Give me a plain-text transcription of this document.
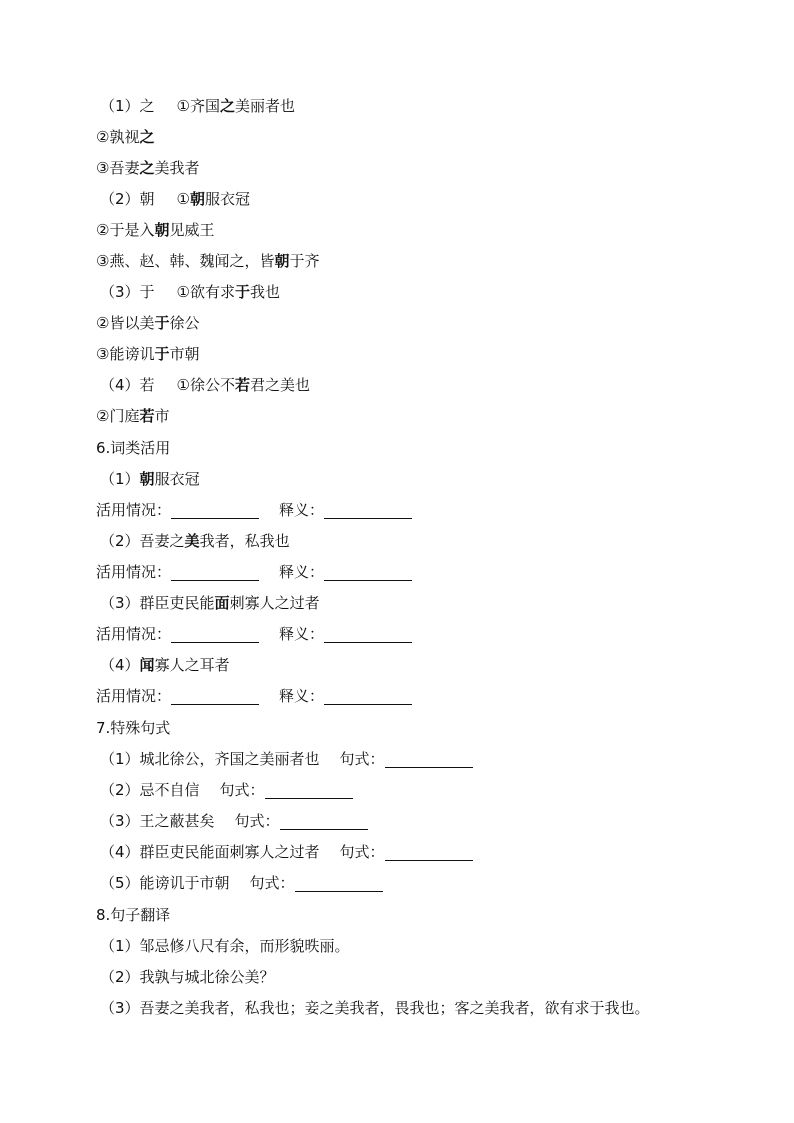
（1）之 ①齐国之美丽者也
②孰视之
③吾妻之美我者
（2）朝 ①朝服衣冠
②于是入朝见威王
③燕、赵、韩、魏闻之，皆朝于齐
（3）于 ①欲有求于我也
②皆以美于徐公
③能谤讥于市朝
（4）若 ①徐公不若君之美也
②门庭若市
6.词类活用
（1）朝服衣冠
活用情况：	释义：
（2）吾妻之美我者，私我也
活用情况：	释义：
（3）群臣吏民能面刺寡人之过者
活用情况：	释义：
（4）闻寡人之耳者
活用情况：	释义：
7.特殊句式
（1）城北徐公，齐国之美丽者也 句式：
（2）忌不自信 句式：
（3）王之蔽甚矣 句式：
（4）群臣吏民能面刺寡人之过者 句式：
（5）能谤讥于市朝 句式：
8.句子翻译
（1）邹忌修八尺有余，而形貌昳丽。
（2）我孰与城北徐公美？
（3）吾妻之美我者，私我也；妾之美我者，畏我也；客之美我者，欲有求于我也。
